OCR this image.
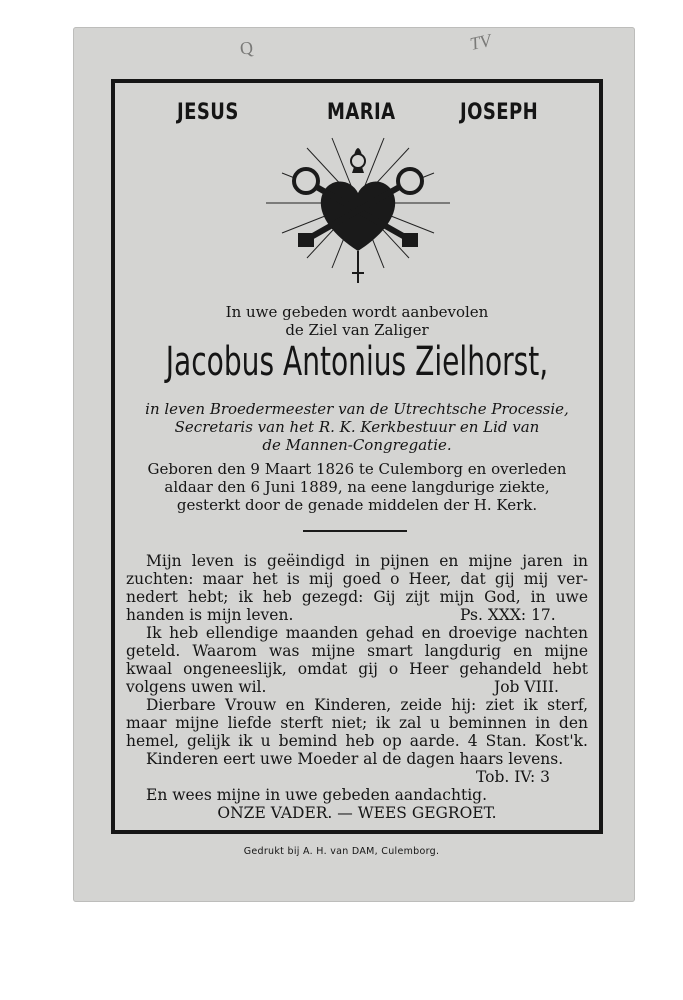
Q	TV
JESUS	MARIA	JOSEPH
In uwe gebeden wordt aanbevolen
de Ziel van Zaliger
Jacobus Antonius Zielhorst,
in leven Broedermeester van de Utrechtsche Processie,
Secretaris van het R. K. Kerkbestuur en Lid van
de Mannen-Congregatie.
Geboren den 9 Maart 1826 te Culemborg en overleden
aldaar den 6 Juni 1889, na eene langdurige ziekte,
gesterkt door de genade middelen der H. Kerk.
Mijn leven is geëindigd in pijnen en mijne jaren in
zuchten: maar het is mij goed o Heer, dat gij mij ver-
nedert hebt; ik heb gezegd: Gij zijt mijn God, in uwe
handen is mijn leven.	Ps. XXX: 17.
Ik heb ellendige maanden gehad en droevige nachten
geteld. Waarom was mijne smart langdurig en mijne
kwaal ongeneeslijk, omdat gij o Heer gehandeld hebt
volgens uwen wil.	Job VIII.
Dierbare Vrouw en Kinderen, zeide hij: ziet ik sterf,
maar mijne liefde sterft niet; ik zal u beminnen in den
hemel, gelijk ik u bemind heb op aarde. 4 Stan. Kost'k.
Kinderen eert uwe Moeder al de dagen haars levens.
Tob. IV: 3
En wees mijne in uwe gebeden aandachtig.
ONZE VADER. — WEES GEGROET.
Gedrukt bij A. H. van DAM, Culemborg.
